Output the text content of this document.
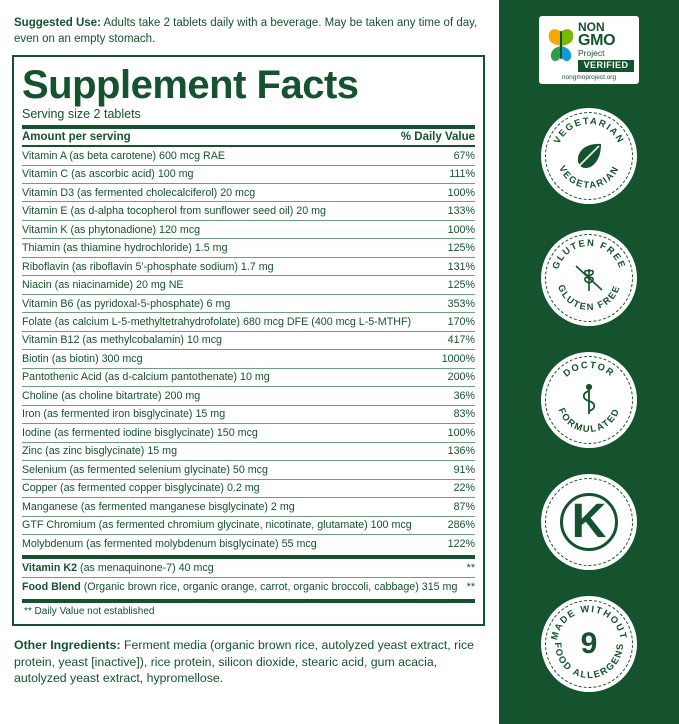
Suggested Use: Adults take 2 tablets daily with a beverage. May be taken any time of day, even on an empty stomach.
Supplement Facts
Serving size 2 tablets
Amount per serving	% Daily Value
Vitamin A (as beta carotene) 600 mcg RAE	67%
Vitamin C (as ascorbic acid) 100 mg	111%
Vitamin D3 (as fermented cholecalciferol) 20 mcg	100%
Vitamin E (as d-alpha tocopherol from sunflower seed oil) 20 mg	133%
Vitamin K (as phytonadione) 120 mcg	100%
Thiamin (as thiamine hydrochloride) 1.5 mg	125%
Riboflavin (as riboflavin 5'-phosphate sodium) 1.7 mg	131%
Niacin (as niacinamide) 20 mg NE	125%
Vitamin B6 (as pyridoxal-5-phosphate) 6 mg	353%
Folate (as calcium L-5-methyltetrahydrofolate) 680 mcg DFE (400 mcg L-5-MTHF)	170%
Vitamin B12 (as methylcobalamin) 10 mcg	417%
Biotin (as biotin) 300 mcg	1000%
Pantothenic Acid (as d-calcium pantothenate) 10 mg	200%
Choline (as choline bitartrate) 200 mg	36%
Iron (as fermented iron bisglycinate) 15 mg	83%
Iodine (as fermented iodine bisglycinate) 150 mcg	100%
Zinc (as zinc bisglycinate) 15 mg	136%
Selenium (as fermented selenium glycinate) 50 mcg	91%
Copper (as fermented copper bisglycinate) 0.2 mg	22%
Manganese (as fermented manganese bisglycinate) 2 mg	87%
GTF Chromium (as fermented chromium glycinate, nicotinate, glutamate) 100 mcg	286%
Molybdenum (as fermented molybdenum bisglycinate) 55 mcg	122%
Vitamin K2 (as menaquinone-7) 40 mcg	**
Food Blend (Organic brown rice, organic orange, carrot, organic broccoli, cabbage) 315 mg	**
** Daily Value not established
Other Ingredients: Ferment media (organic brown rice, autolyzed yeast extract, rice protein, yeast [inactive]), rice protein, silicon dioxide, stearic acid, gum acacia, autolyzed yeast extract, hypromellose.
NON
GMO
Project
VERIFIED
nongmoproject.org
VEGETARIAN
VEGETARIAN
GLUTEN FREE
GLUTEN FREE
DOCTOR
FORMULATED
K
MADE WITHOUT
FOOD ALLERGENS
9
